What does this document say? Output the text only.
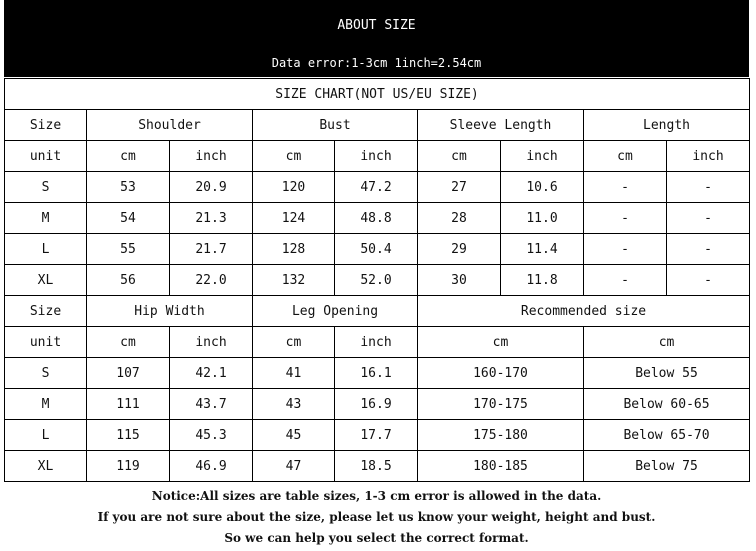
ABOUT SIZE
Data error:1-3cm 1inch=2.54cm
SIZE CHART(NOT US/EU SIZE)								
Size	Shoulder		Bust		Sleeve Length		Length	
unit	cm	inch	cm	inch	cm	inch	cm	inch
S	53	20.9	120	47.2	27	10.6	-	-
M	54	21.3	124	48.8	28	11.0	-	-
L	55	21.7	128	50.4	29	11.4	-	-
XL	56	22.0	132	52.0	30	11.8	-	-
Size	Hip Width		Leg Opening		Recommended size			
unit	cm	inch	cm	inch	cm		cm	
S	107	42.1	41	16.1	160-170		Below 55	
M	111	43.7	43	16.9	170-175		Below 60-65	
L	115	45.3	45	17.7	175-180		Below 65-70	
XL	119	46.9	47	18.5	180-185		Below 75	
Notice:All sizes are table sizes, 1-3 cm error is allowed in the data.
If you are not sure about the size, please let us know your weight, height and bust.
So we can help you select the correct format.
